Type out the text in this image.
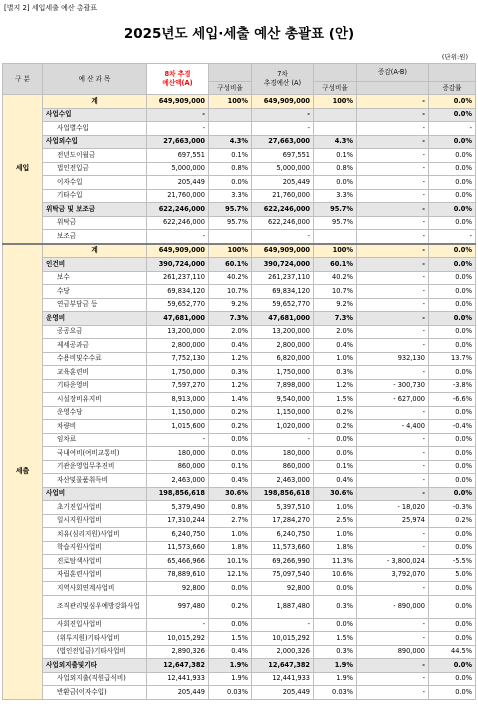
[별지 2] 세입세출 예산 총괄표
2025년도 세입·세출 예산 총괄표 (안)
(단위:원)
구 분	예 산 과 목	8차 추경
예산액(A)		7차
추경예산 (A)		증감(A-B)	
			구성비율		구성비율		증감률
세입	계	649,909,000	100%	649,909,000	100%	-	0.0%
	사업수입	-		-		-	0.0%
	사업별수입	-		-		-	-
	사업외수입	27,663,000	4.3%	27,663,000	4.3%	-	0.0%
	전년도이월금	697,551	0.1%	697,551	0.1%	-	0.0%
	법인전입금	5,000,000	0.8%	5,000,000	0.8%	-	0.0%
	이자수입	205,449	0.0%	205,449	0.0%	-	0.0%
	기타수입	21,760,000	3.3%	21,760,000	3.3%	-	0.0%
	위탁금 및 보조금	622,246,000	95.7%	622,246,000	95.7%	-	0.0%
	위탁금	622,246,000	95.7%	622,246,000	95.7%	-	0.0%
	보조금	-		-		-	-
세출	계	649,909,000	100%	649,909,000	100%	-	0.0%
	인건비	390,724,000	60.1%	390,724,000	60.1%	-	0.0%
	보수	261,237,110	40.2%	261,237,110	40.2%	-	0.0%
	수당	69,834,120	10.7%	69,834,120	10.7%	-	0.0%
	연금부담금 등	59,652,770	9.2%	59,652,770	9.2%	-	0.0%
	운영비	47,681,000	7.3%	47,681,000	7.3%	-	0.0%
	공공요금	13,200,000	2.0%	13,200,000	2.0%	-	0.0%
	제세공과금	2,800,000	0.4%	2,800,000	0.4%	-	0.0%
	수용비및수수료	7,752,130	1.2%	6,820,000	1.0%	932,130	13.7%
	교육훈련비	1,750,000	0.3%	1,750,000	0.3%	-	0.0%
	기타운영비	7,597,270	1.2%	7,898,000	1.2%	- 300,730	-3.8%
	시설장비유지비	8,913,000	1.4%	9,540,000	1.5%	- 627,000	-6.6%
	운영수당	1,150,000	0.2%	1,150,000	0.2%	-	0.0%
	차량비	1,015,600	0.2%	1,020,000	0.2%	- 4,400	-0.4%
	임차료	-	0.0%	-	0.0%	-	0.0%
	국내여비(여비교통비)	180,000	0.0%	180,000	0.0%	-	0.0%
	기관운영업무추진비	860,000	0.1%	860,000	0.1%	-	0.0%
	자산및물품취득비	2,463,000	0.4%	2,463,000	0.4%	-	0.0%
	사업비	198,856,618	30.6%	198,856,618	30.6%	-	0.0%
	초기진입사업비	5,379,490	0.8%	5,397,510	1.0%	- 18,020	-0.3%
	일시지원사업비	17,310,244	2.7%	17,284,270	2.5%	25,974	0.2%
	치유(심리지원)사업비	6,240,750	1.0%	6,240,750	1.0%	-	0.0%
	학습지원사업비	11,573,660	1.8%	11,573,660	1.8%	-	0.0%
	진로탐색사업비	65,466,966	10.1%	69,266,990	11.3%	- 3,800,024	-5.5%
	자립훈련사업비	78,889,610	12.1%	75,097,540	10.6%	3,792,070	5.0%
	지역사회연계사업비	92,800	0.0%	92,800	0.0%	-	0.0%
	조직관리및심우예방강화사업	997,480	0.2%	1,887,480	0.3%	- 890,000	0.0%
	사회진입사업비	-	0.0%	-	0.0%	-	0.0%
	(위투지원)기타사업비	10,015,292	1.5%	10,015,292	1.5%	-	0.0%
	(법인전입금)기타사업비	2,890,326	0.4%	2,000,326	0.3%	890,000	44.5%
	사업외지출및기타	12,647,382	1.9%	12,647,382	1.9%	-	0.0%
	사업외지출(직원급식비)	12,441,933	1.9%	12,441,933	1.9%	-	0.0%
	반환금(이자수입)	205,449	0.03%	205,449	0.03%	-	0.0%
